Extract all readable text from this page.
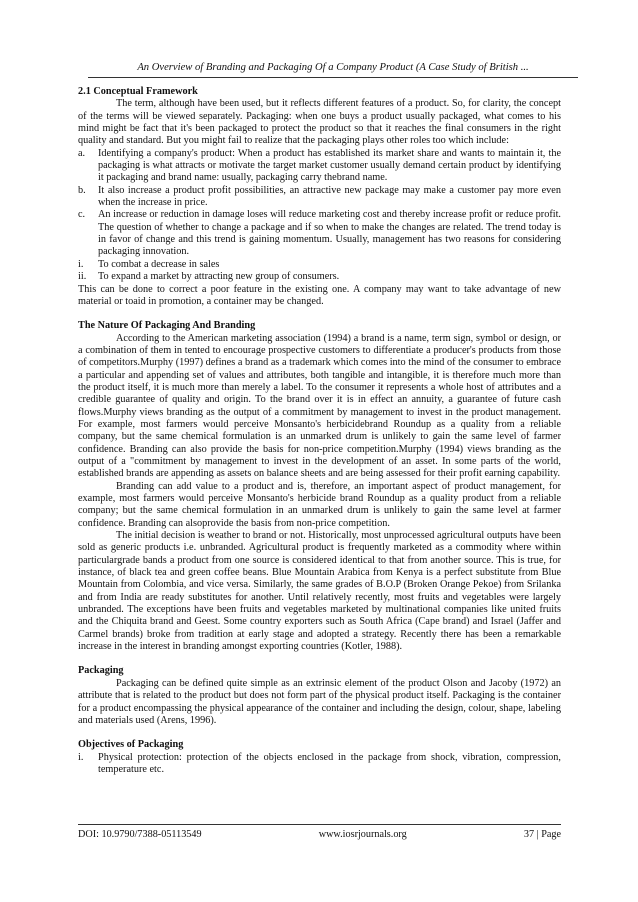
An Overview of Branding and Packaging Of a Company Product (A Case Study of British ...

2.1 Conceptual Framework

The term, although have been used, but it reflects different features of a product. So, for clarity, the concept of the terms will be viewed separately. Packaging: when one buys a product usually packaged, what comes to his mind might be fact that it's been packaged to protect the product so that it reaches the final consumers in the right quality and standard. But you might fail to realize that the packaging plays other roles too which include:

a.	Identifying a company's product: When a product has established its market share and wants to maintain it, the packaging is what attracts or motivate the target market customer usually demand certain product by identifying it packaging and brand name: usually, packaging carry thebrand name.
b.	It also increase a product profit possibilities, an attractive new package may make a customer pay more even when the increase in price.
c.	An increase or reduction in damage loses will reduce marketing cost and thereby increase profit or reduce profit. The question of whether to change a package and if so when to make the changes are related. The trend today is in favor of change and this trend is gaining momentum. Usually, management has two reasons for considering packaging innovation.
i.	To combat a decrease in sales
ii.	To expand a market by attracting new group of consumers.

This can be done to correct a poor feature in the existing one. A company may want to take advantage of new material or toaid in promotion, a container may be changed.

The Nature Of Packaging And Branding

According to the American marketing association (1994) a brand is a name, term sign, symbol or design, or a combination of them in tented to encourage prospective customers to differentiate a producer's products from those of competitors.Murphy (1997) defines a brand as a trademark which comes into the mind of the consumer to embrace a particular and appending set of values and attributes, both tangible and intangible, it is therefore much more than the product itself, it is much more than merely a label. To the consumer it represents a whole host of attributes and a credible guarantee of quality and origin. To the brand over it is in effect an annuity, a guarantee of future cash flows.Murphy views branding as the output of a commitment by management to invest in the product management. For example, most farmers would perceive Monsanto's herbicidebrand Roundup as a quality from a reliable company, but the same chemical formulation is an unmarked drum is unlikely to gain the same level of farmer confidence. Branding can also provide the basis for non-price competition.Murphy (1994) views branding as the output of a "commitment by management to invest in the development of an asset. In some parts of the world, established brands are appending as assets on balance sheets and are being assessed for their profit earning capability.

Branding can add value to a product and is, therefore, an important aspect of product management, for example, most farmers would perceive Monsanto's herbicide brand Roundup as a quality product from a reliable company; but the same chemical formulation in an unmarked drum is unlikely to gain the same level at farmer confidence. Branding can alsoprovide the basis from non-price competition.

The initial decision is weather to brand or not. Historically, most unprocessed agricultural outputs have been sold as generic products i.e. unbranded. Agricultural product is frequently marketed as a commodity where within particulargrade bands a product from one source is considered identical to that from another source. This is true, for instance, of black tea and green coffee beans. Blue Mountain Arabica from Kenya is a perfect substitute from Blue Mountain from Colombia, and vice versa. Similarly, the same grades of B.O.P (Broken Orange Pekoe) from Srilanka and from India are ready substitutes for another. Until relatively recently, most fruits and vegetables were largely unbranded. The exceptions have been fruits and vegetables marketed by multinational companies like united fruits and the Chiquita brand and Geest. Some country exporters such as South Africa (Cape brand) and Israel (Jaffer and Carmel brands) broke from tradition at early stage and adopted a strategy. Recently there has been a remarkable increase in the interest in branding amongst exporting countries (Kotler, 1988).

Packaging

Packaging can be defined quite simple as an extrinsic element of the product Olson and Jacoby (1972) an attribute that is related to the product but does not form part of the physical product itself. Packaging is the container for a product encompassing the physical appearance of the container and including the design, colour, shape, labeling and materials used (Arens, 1996).

Objectives of Packaging

i.	Physical protection: protection of the objects enclosed in the package from shock, vibration, compression, temperature etc.
DOI: 10.9790/7388-05113549	www.iosrjournals.org	37 | Page
